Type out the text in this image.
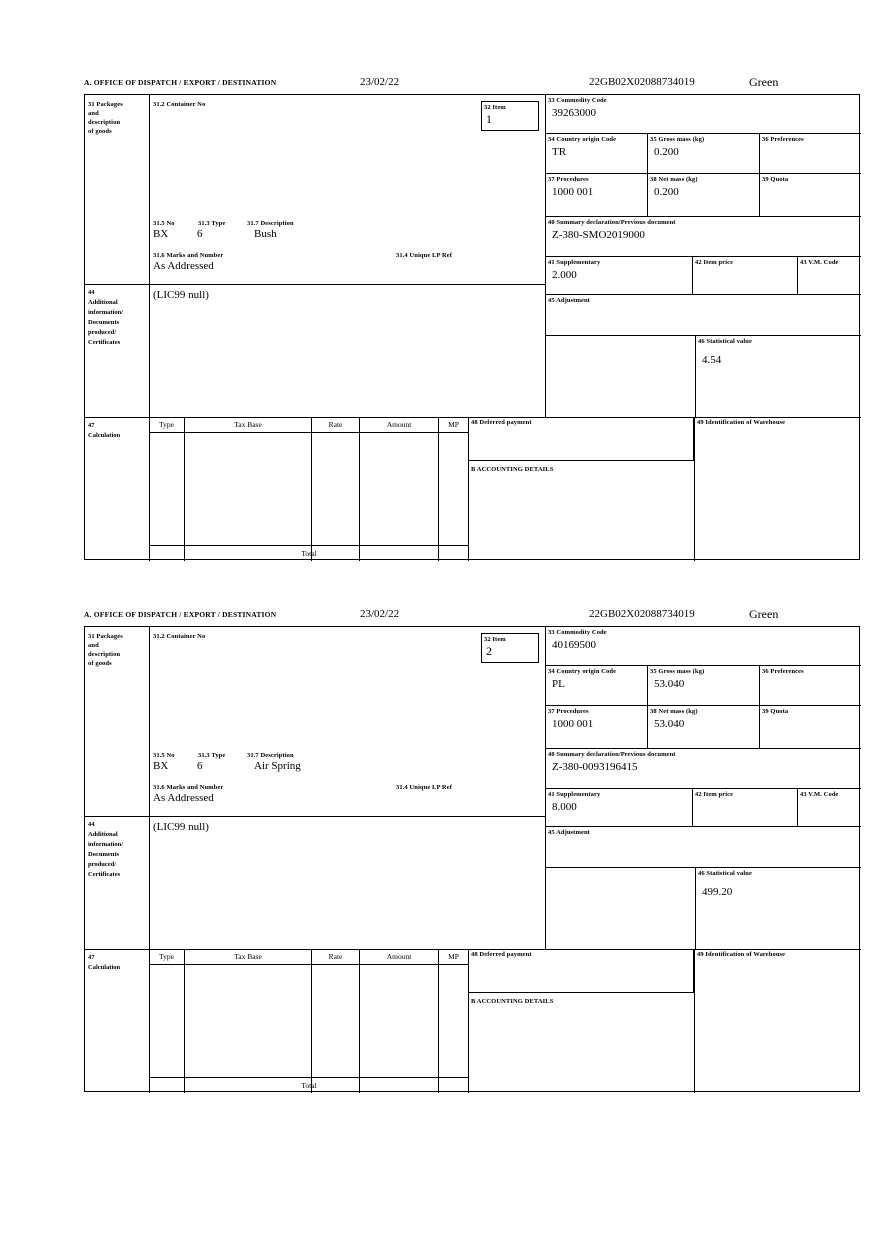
A. OFFICE OF DISPATCH / EXPORT / DESTINATION	23/02/22	22GB02X02088734019	Green
31 Packages
and
description
of goods
44
Additional
information/
Documents
produced/
Certificates
47
Calculation
31.2 Container No	32 Item
1
31.5 No	31.3 Type	31.7 Description
BX	6	Bush
31.6 Marks and Number	31.4 Unique LP Ref
As Addressed
(LIC99 null)
33 Commodity Code
39263000
34 Country origin Code
TR
35 Gross mass (kg)
0.200
36 Preferences
37 Procedures
1000 001
38 Net mass (kg)
0.200
39 Quota
40 Summary declaration/Previous document
Z-380-SMO2019000
41 Supplementary
2.000
42 Item price	43 V.M. Code
45 Adjustment
46 Statistical value
4.54
Type	Tax Base	Rate	Amount	MP
Total
48 Deferred payment	49 Identification of Warehouse
B ACCOUNTING DETAILS
A. OFFICE OF DISPATCH / EXPORT / DESTINATION	23/02/22	22GB02X02088734019	Green
31 Packages
and
description
of goods
44
Additional
information/
Documents
produced/
Certificates
47
Calculation
31.2 Container No	32 Item
2
31.5 No	31.3 Type	31.7 Description
BX	6	Air Spring
31.6 Marks and Number	31.4 Unique LP Ref
As Addressed
(LIC99 null)
33 Commodity Code
40169500
34 Country origin Code
PL
35 Gross mass (kg)
53.040
36 Preferences
37 Procedures
1000 001
38 Net mass (kg)
53.040
39 Quota
40 Summary declaration/Previous document
Z-380-0093196415
41 Supplementary
8.000
42 Item price	43 V.M. Code
45 Adjustment
46 Statistical value
499.20
Type	Tax Base	Rate	Amount	MP
Total
48 Deferred payment	49 Identification of Warehouse
B ACCOUNTING DETAILS
